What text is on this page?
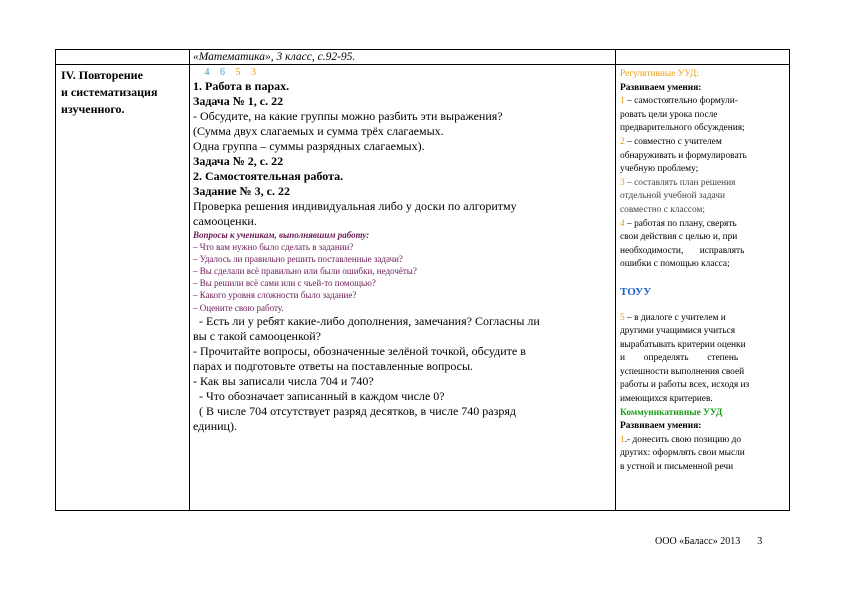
«Математика», 3 класс, с.92-95.
IV. Повторение
и систематизация
изученного.
4 6 5 3
1. Работа в парах.
Задача № 1, с. 22
- Обсудите, на какие группы можно разбить эти выражения?
(Сумма двух слагаемых и сумма трёх слагаемых.
Одна группа – суммы разрядных слагаемых).
Задача № 2, с. 22
2. Самостоятельная работа.
Задание № 3, с. 22
Проверка решения индивидуальная либо у доски по алгоритму
самооценки.
Вопросы к ученикам, выполнявшим работу:
– Что вам нужно было сделать в задании?
– Удалось ли правильно решить поставленные задачи?
– Вы сделали всё правильно или были ошибки, недочёты?
– Вы решили всё сами или с чьей-то помощью?
– Какого уровня сложности было задание?
– Оцените свою работу.
- Есть ли у ребят какие-либо дополнения, замечания? Согласны ли
вы с такой самооценкой?
- Прочитайте вопросы, обозначенные зелёной точкой, обсудите в
парах и подготовьте ответы на поставленные вопросы.
- Как вы записали числа 704 и 740?
- Что обозначает записанный в каждом числе 0?
( В числе 704 отсутствует разряд десятков, в числе 740 разряд
единиц).
Регулятивные УУД:
Развиваем умения:
1 – самостоятельно формули-
ровать цели урока после
предварительного обсуждения;
2 – совместно с учителем
обнаруживать и формулировать
учебную проблему;
3 – составлять план решения
отдельной учебной задачи
совместно с классом;
4 – работая по плану, сверять
свои действия с целью и, при
необходимости,       исправлять
ошибки с помощью класса;
ТОУУ
5 – в диалоге с учителем и
другими учащимися учиться
вырабатывать критерии оценки
и        определять        степень
успешности выполнения своей
работы и работы всех, исходя из
имеющихся критериев.
Коммуникативные УУД
Развиваем умения:
1.- донесить свою позицию до
других: оформлять свои мысли
в устной и письменной речи
ООО «Баласс» 2013 3
